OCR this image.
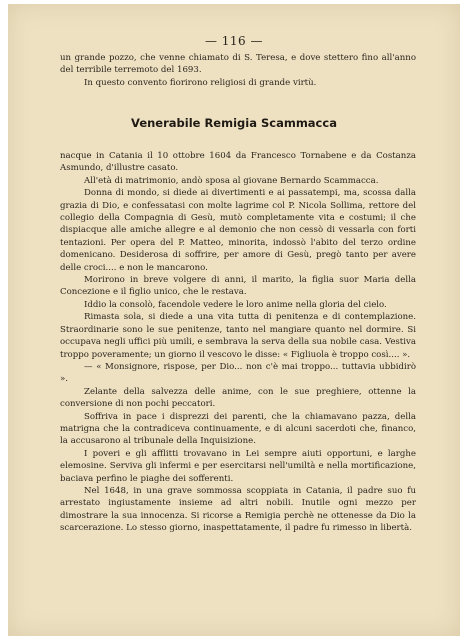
— 116 —

un grande pozzo, che venne chiamato di S. Teresa, e dove stettero fino all'anno del terribile terremoto del 1693.

In questo convento fiorirono religiosi di grande virtù.

Venerabile Remigia Scammacca

nacque in Catania il 10 ottobre 1604 da Francesco Tornabene e da Costanza Asmundo, d'illustre casato.

All'età di matrimonio, andò sposa al giovane Bernardo Scammacca.

Donna di mondo, si diede ai divertimenti e ai passatempi, ma, scossa dalla grazia di Dio, e confessatasi con molte lagrime col P. Nicola Sollima, rettore del collegio della Compagnia di Gesù, mutò completamente vita e costumi; il che dispiacque alle amiche allegre e al demonio che non cessò di vessarla con forti tentazioni. Per opera del P. Matteo, minorita, indossò l'abito del terzo ordine domenicano. Desiderosa di soffrire, per amore di Gesù, pregò tanto per avere delle croci.... e non le mancarono.

Morirono in breve volgere di anni, il marito, la figlia suor Maria della Concezione e il figlio unico, che le restava.

Iddio la consolò, facendole vedere le loro anime nella gloria del cielo.

Rimasta sola, si diede a una vita tutta di penitenza e di contemplazione. Straordinarie sono le sue penitenze, tanto nel mangiare quanto nel dormire. Si occupava negli uffici più umili, e sembrava la serva della sua nobile casa. Vestiva troppo poveramente; un giorno il vescovo le disse: « Figliuola è troppo così.... ».

— « Monsignore, rispose, per Dio... non c'è mai troppo... tuttavia ubbidirò ».

Zelante della salvezza delle anime, con le sue preghiere, ottenne la conversione di non pochi peccatori.

Soffriva in pace i disprezzi dei parenti, che la chiamavano pazza, della matrigna che la contradiceva continuamente, e di alcuni sacerdoti che, financo, la accusarono al tribunale della Inquisizione.

I poveri e gli afflitti trovavano in Lei sempre aiuti opportuni, e larghe elemosine. Serviva gli infermi e per esercitarsi nell'umiltà e nella mortificazione, baciava perfino le piaghe dei sofferenti.

Nel 1648, in una grave sommossa scoppiata in Catania, il padre suo fu arrestato ingiustamente insieme ad altri nobili. Inutile ogni mezzo per dimostrare la sua innocenza. Si ricorse a Remigia perchè ne ottenesse da Dio la scarcerazione. Lo stesso giorno, inaspettatamente, il padre fu rimesso in libertà.
